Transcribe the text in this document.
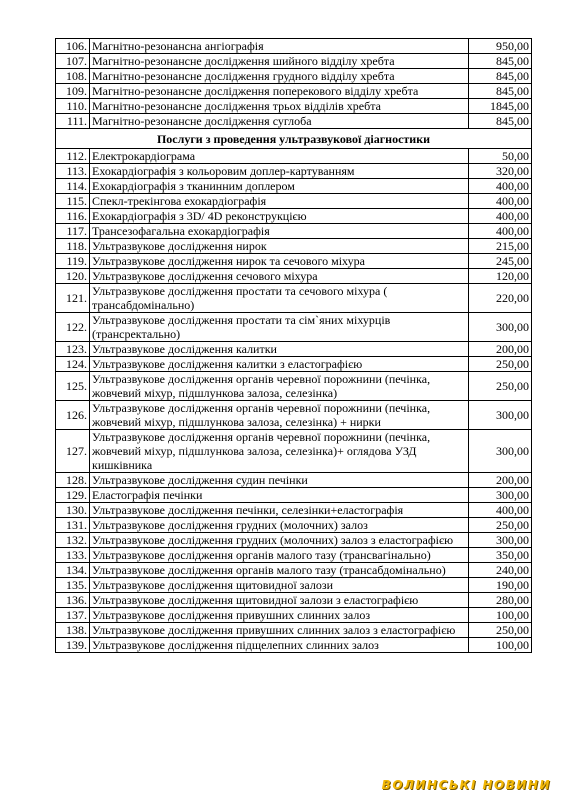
106.	Магнітно-резонансна ангіографія	950,00
107.	Магнітно-резонансне дослідження шийного відділу хребта	845,00
108.	Магнітно-резонансне дослідження грудного відділу хребта	845,00
109.	Магнітно-резонансне дослідження поперекового відділу хребта	845,00
110.	Магнітно-резонансне дослідження трьох відділів хребта	1845,00
111.	Магнітно-резонансне дослідження суглоба	845,00
Послуги з проведення ультразвукової діагностики		
112.	Електрокардіограма	50,00
113.	Ехокардіографія з кольоровим доплер-картуванням	320,00
114.	Ехокардіографія з тканинним доплером	400,00
115.	Спекл-трекінгова ехокардіографія	400,00
116.	Ехокардіографія з 3D/ 4D реконструкцією	400,00
117.	Трансезофагальна ехокардіографія	400,00
118.	Ультразвукове дослідження нирок	215,00
119.	Ультразвукове дослідження нирок та сечового міхура	245,00
120.	Ультразвукове дослідження сечового міхура	120,00
121.	Ультразвукове дослідження простати та сечового міхура ( трансабдомінально)	220,00
122.	Ультразвукове дослідження простати та сім`яних міхурців (трансректально)	300,00
123.	Ультразвукове дослідження калитки	200,00
124.	Ультразвукове дослідження калитки з еластографією	250,00
125.	Ультразвукове дослідження органів черевної порожнини (печінка, жовчевий міхур, підшлункова залоза, селезінка)	250,00
126.	Ультразвукове дослідження органів черевної порожнини (печінка, жовчевий міхур, підшлункова залоза, селезінка) + нирки	300,00
127.	Ультразвукове дослідження органів черевної порожнини (печінка, жовчевий міхур, підшлункова залоза, селезінка)+ оглядова УЗД кишківника	300,00
128.	Ультразвукове дослідження судин печінки	200,00
129.	Еластографія печінки	300,00
130.	Ультразвукове дослідження печінки, селезінки+еластографія	400,00
131.	Ультразвукове дослідження грудних (молочних) залоз	250,00
132.	Ультразвукове дослідження грудних (молочних) залоз з еластографією	300,00
133.	Ультразвукове дослідження органів малого тазу (трансвагінально)	350,00
134.	Ультразвукове дослідження органів малого тазу (трансабдомінально)	240,00
135.	Ультразвукове дослідження щитовидної залози	190,00
136.	Ультразвукове дослідження щитовидної залози з еластографією	280,00
137.	Ультразвукове дослідження привушних слинних залоз	100,00
138.	Ультразвукове дослідження привушних слинних залоз з еластографією	250,00
139.	Ультразвукове дослідження підщелепних слинних залоз	100,00
ВОЛИНСЬКІ НОВИНИ
